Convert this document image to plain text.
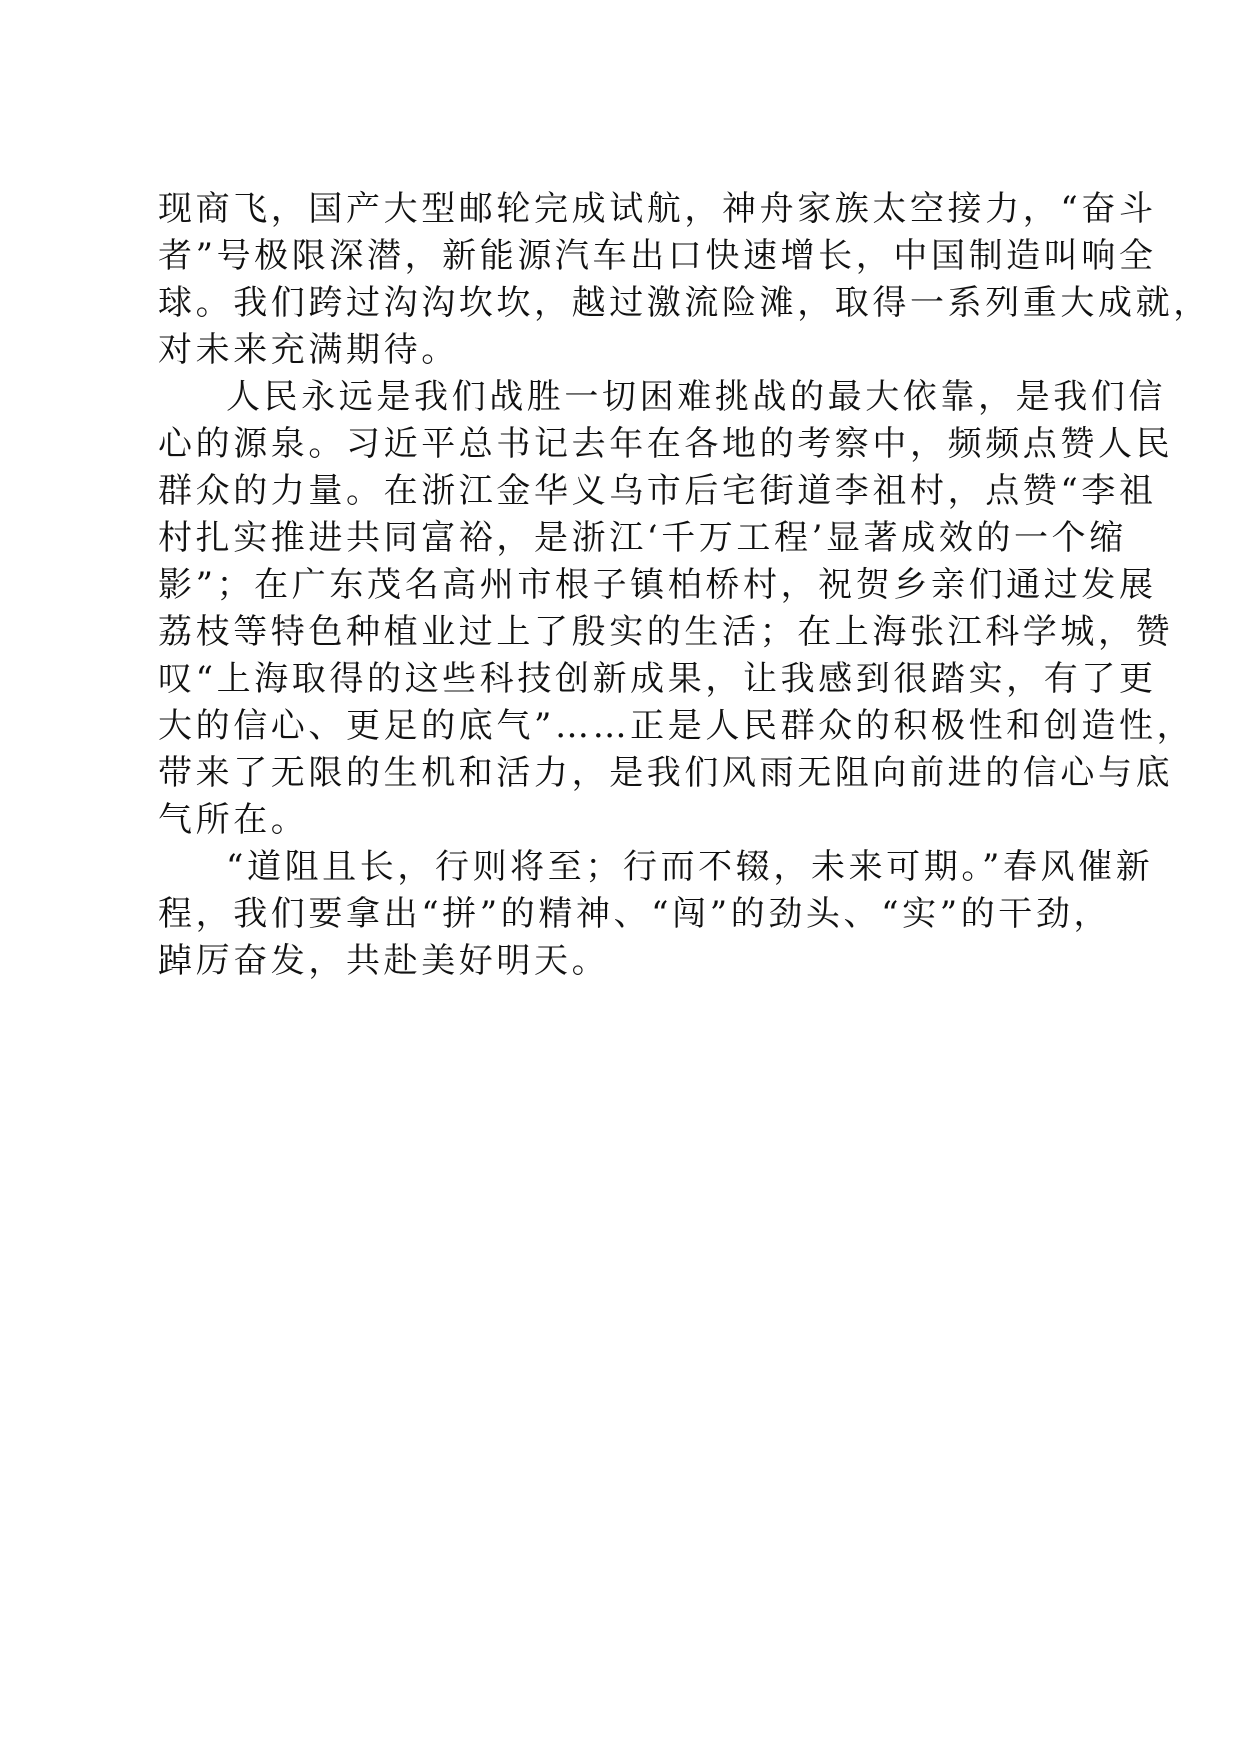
现商飞，国产大型邮轮完成试航，神舟家族太空接力，“奋斗
者”号极限深潜，新能源汽车出口快速增长，中国制造叫响全
球。我们跨过沟沟坎坎，越过激流险滩，取得一系列重大成就，
对未来充满期待。
人民永远是我们战胜一切困难挑战的最大依靠，是我们信
心的源泉。习近平总书记去年在各地的考察中，频频点赞人民
群众的力量。在浙江金华义乌市后宅街道李祖村，点赞“李祖
村扎实推进共同富裕，是浙江‘千万工程’显著成效的一个缩
影”；在广东茂名高州市根子镇柏桥村，祝贺乡亲们通过发展
荔枝等特色种植业过上了殷实的生活；在上海张江科学城，赞
叹“上海取得的这些科技创新成果，让我感到很踏实，有了更
大的信心、更足的底气”……正是人民群众的积极性和创造性，
带来了无限的生机和活力，是我们风雨无阻向前进的信心与底
气所在。
“道阻且长，行则将至；行而不辍，未来可期。”春风催新
程，我们要拿出“拼”的精神、“闯”的劲头、“实”的干劲，
踔厉奋发，共赴美好明天。
